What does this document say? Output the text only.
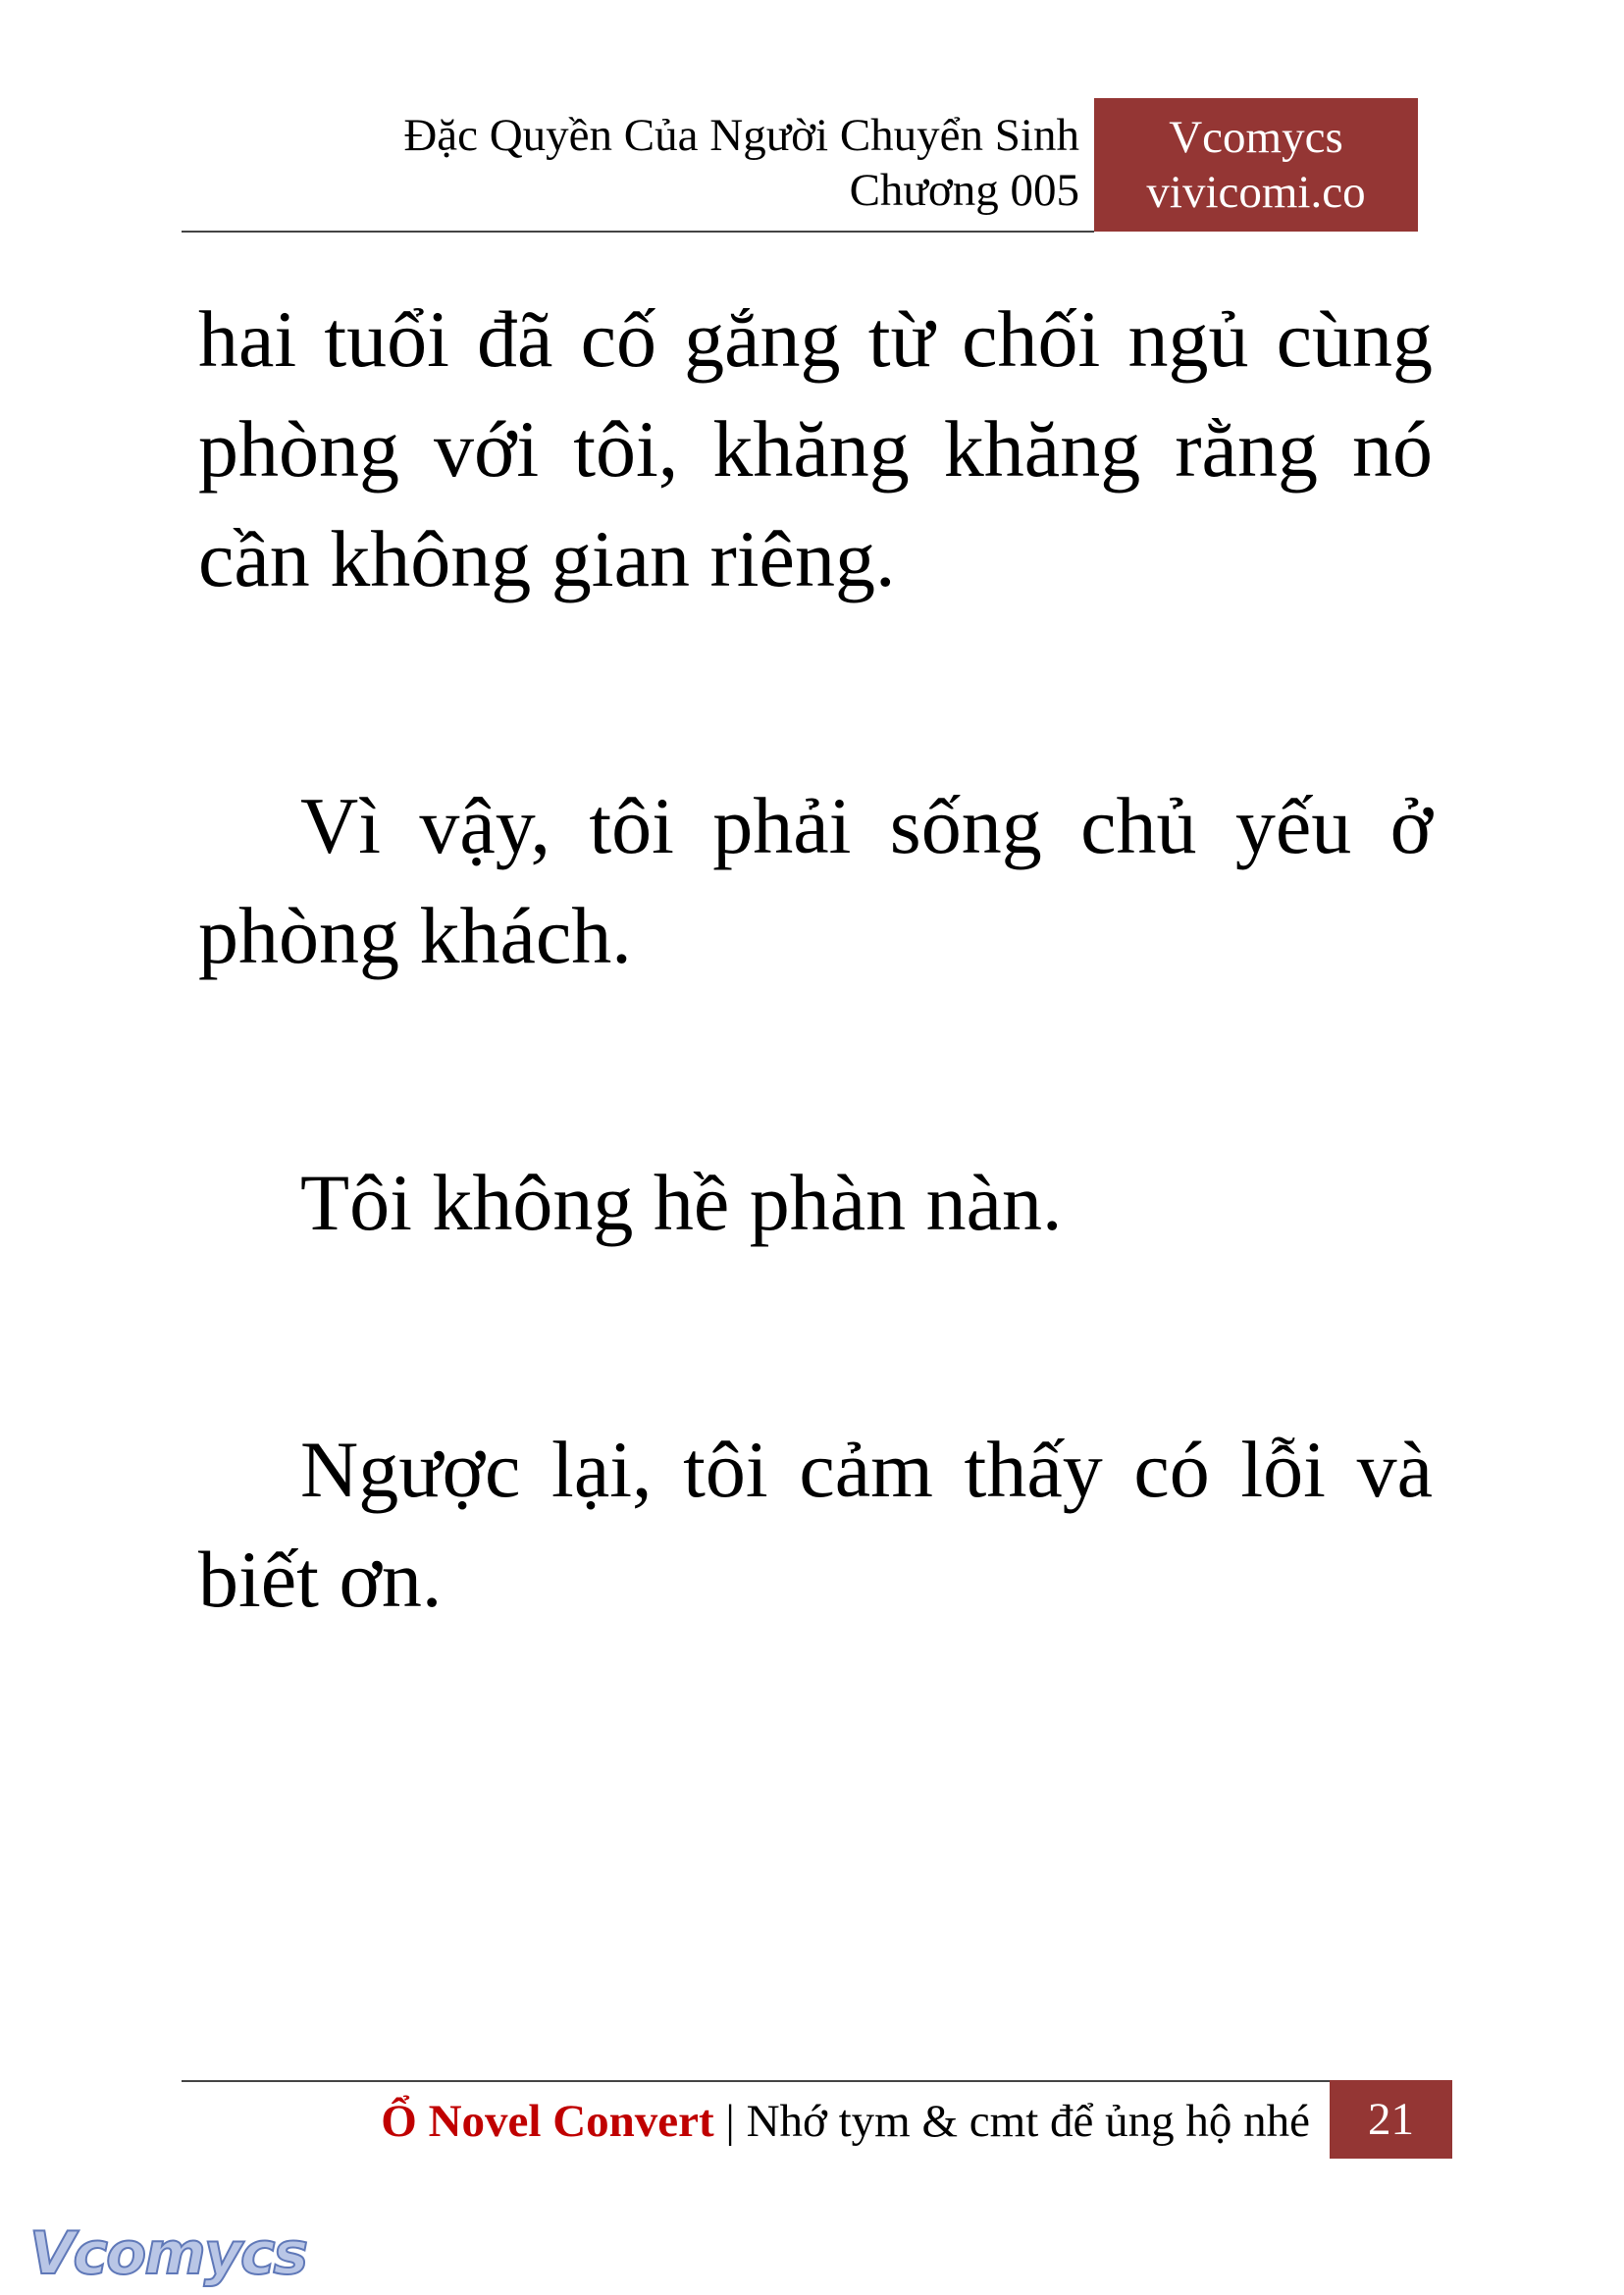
Đặc Quyền Của Người Chuyển Sinh
Chương 005
Vcomycs
vivicomi.co

hai tuổi đã cố gắng từ chối ngủ cùng phòng với tôi, khăng khăng rằng nó cần không gian riêng.

Vì vậy, tôi phải sống chủ yếu ở phòng khách.

Tôi không hề phàn nàn.

Ngược lại, tôi cảm thấy có lỗi và biết ơn.

Ổ Novel Convert | Nhớ tym & cmt để ủng hộ nhé	21
Vcomycs
